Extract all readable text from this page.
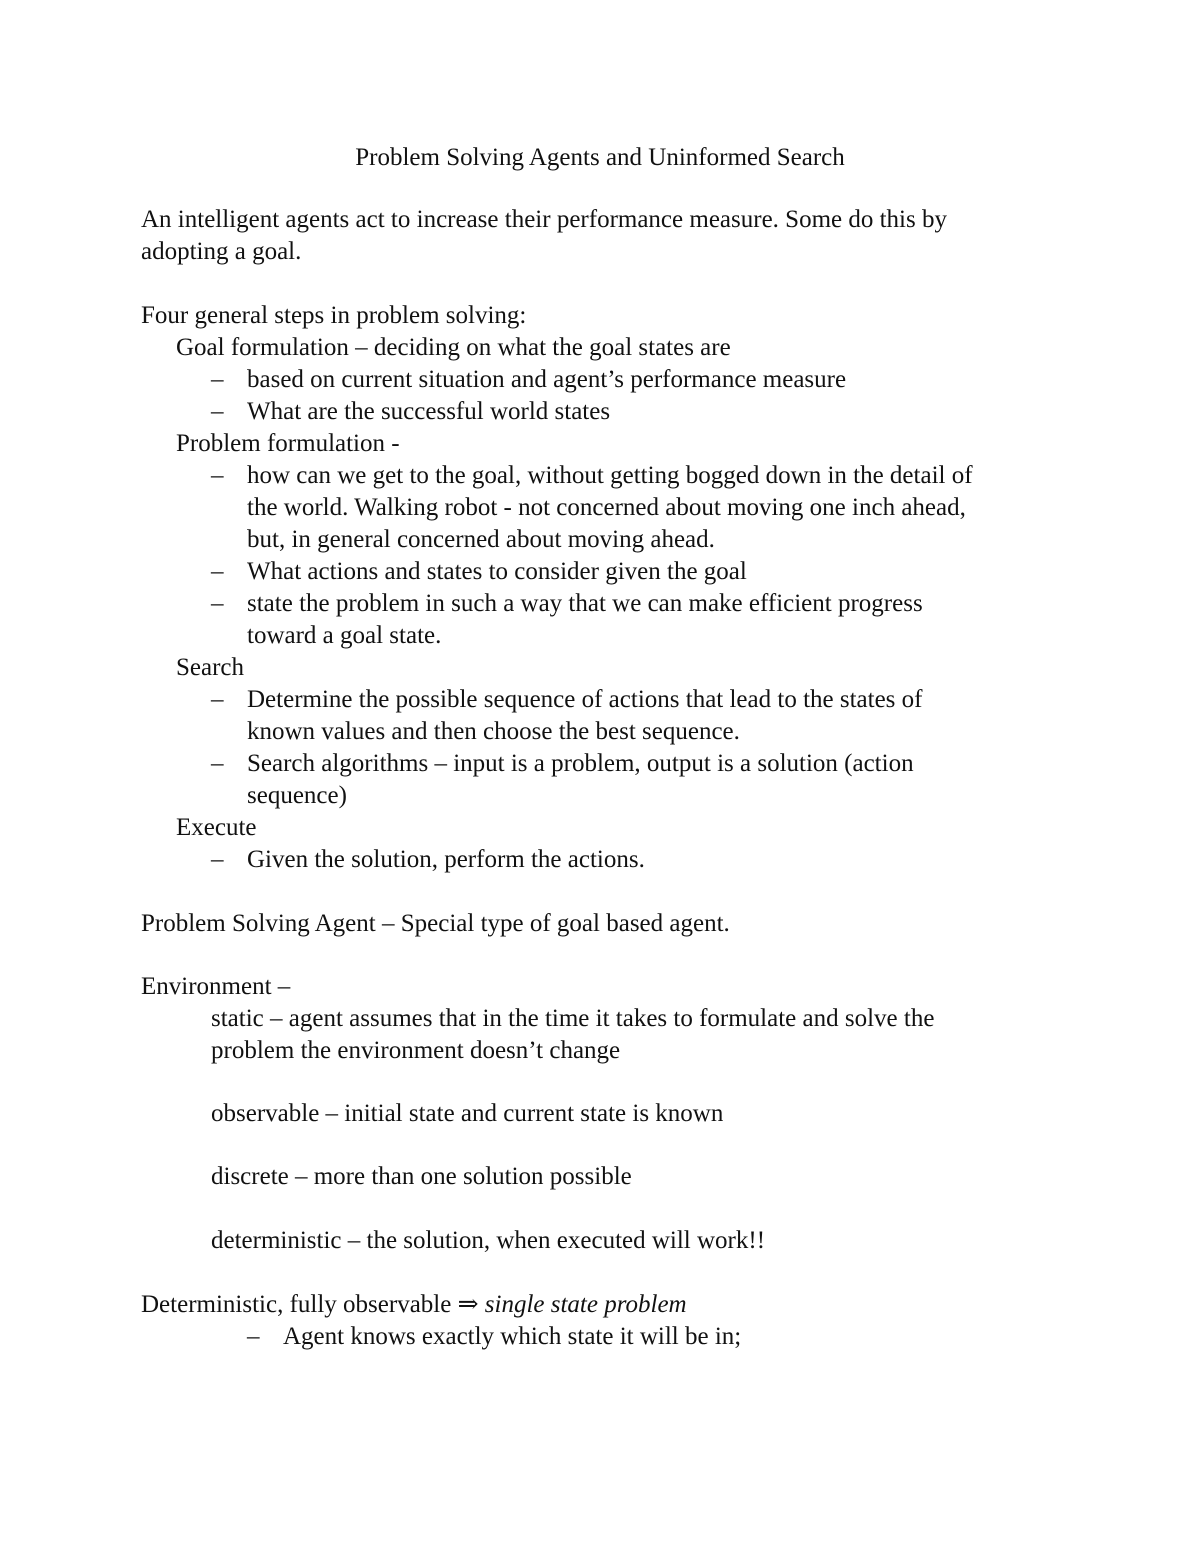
Problem Solving Agents and Uninformed Search
An intelligent agents act to increase their performance measure. Some do this by
adopting a goal.
Four general steps in problem solving:
Goal formulation – deciding on what the goal states are
– based on current situation and agent’s performance measure
– What are the successful world states
Problem formulation -
– how can we get to the goal, without getting bogged down in the detail of
the world. Walking robot - not concerned about moving one inch ahead,
but, in general concerned about moving ahead.
– What actions and states to consider given the goal
– state the problem in such a way that we can make efficient progress
toward a goal state.
Search
– Determine the possible sequence of actions that lead to the states of
known values and then choose the best sequence.
– Search algorithms – input is a problem, output is a solution (action
sequence)
Execute
– Given the solution, perform the actions.
Problem Solving Agent – Special type of goal based agent.
Environment –
static – agent assumes that in the time it takes to formulate and solve the
problem the environment doesn’t change
observable – initial state and current state is known
discrete – more than one solution possible
deterministic – the solution, when executed will work!!
Deterministic, fully observable ⇒ single state problem
– Agent knows exactly which state it will be in;
